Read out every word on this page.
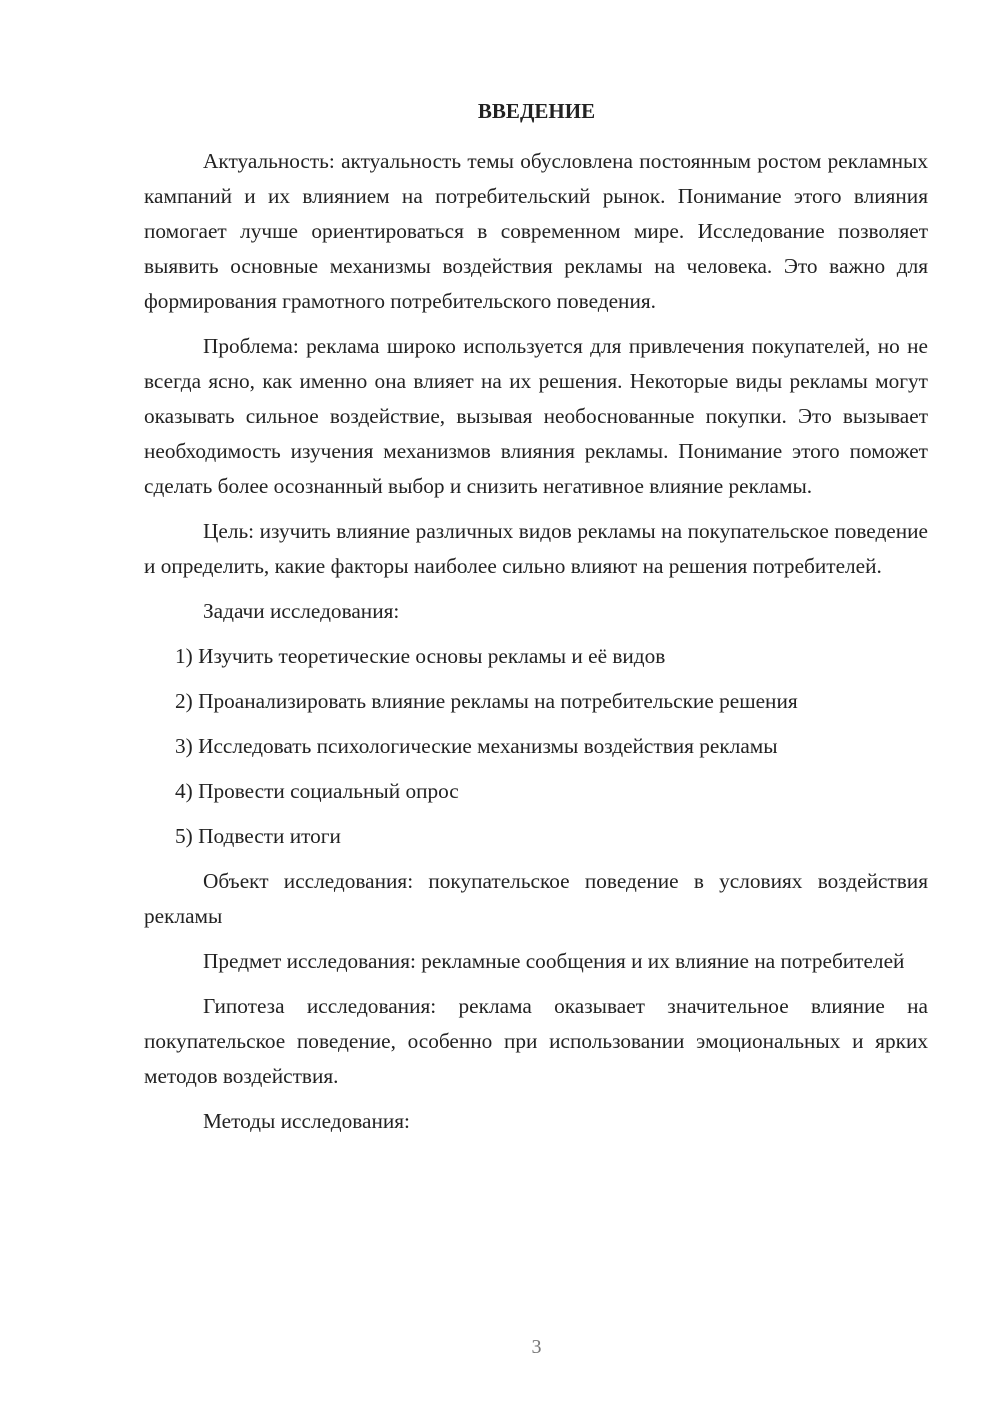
ВВЕДЕНИЕ

Актуальность: актуальность темы обусловлена постоянным ростом рекламных кампаний и их влиянием на потребительский рынок. Понимание этого влияния помогает лучше ориентироваться в современном мире. Исследование позволяет выявить основные механизмы воздействия рекламы на человека. Это важно для формирования грамотного потребительского поведения.

Проблема: реклама широко используется для привлечения покупателей, но не всегда ясно, как именно она влияет на их решения. Некоторые виды рекламы могут оказывать сильное воздействие, вызывая необоснованные покупки. Это вызывает необходимость изучения механизмов влияния рекламы. Понимание этого поможет сделать более осознанный выбор и снизить негативное влияние рекламы.

Цель: изучить влияние различных видов рекламы на покупательское поведение и определить, какие факторы наиболее сильно влияют на решения потребителей.

Задачи исследования:

1) Изучить теоретические основы рекламы и её видов

2) Проанализировать влияние рекламы на потребительские решения

3) Исследовать психологические механизмы воздействия рекламы

4) Провести социальный опрос

5) Подвести итоги

Объект исследования: покупательское поведение в условиях воздействия рекламы

Предмет исследования: рекламные сообщения и их влияние на потребителей

Гипотеза исследования: реклама оказывает значительное влияние на покупательское поведение, особенно при использовании эмоциональных и ярких методов воздействия.

Методы исследования:

3
